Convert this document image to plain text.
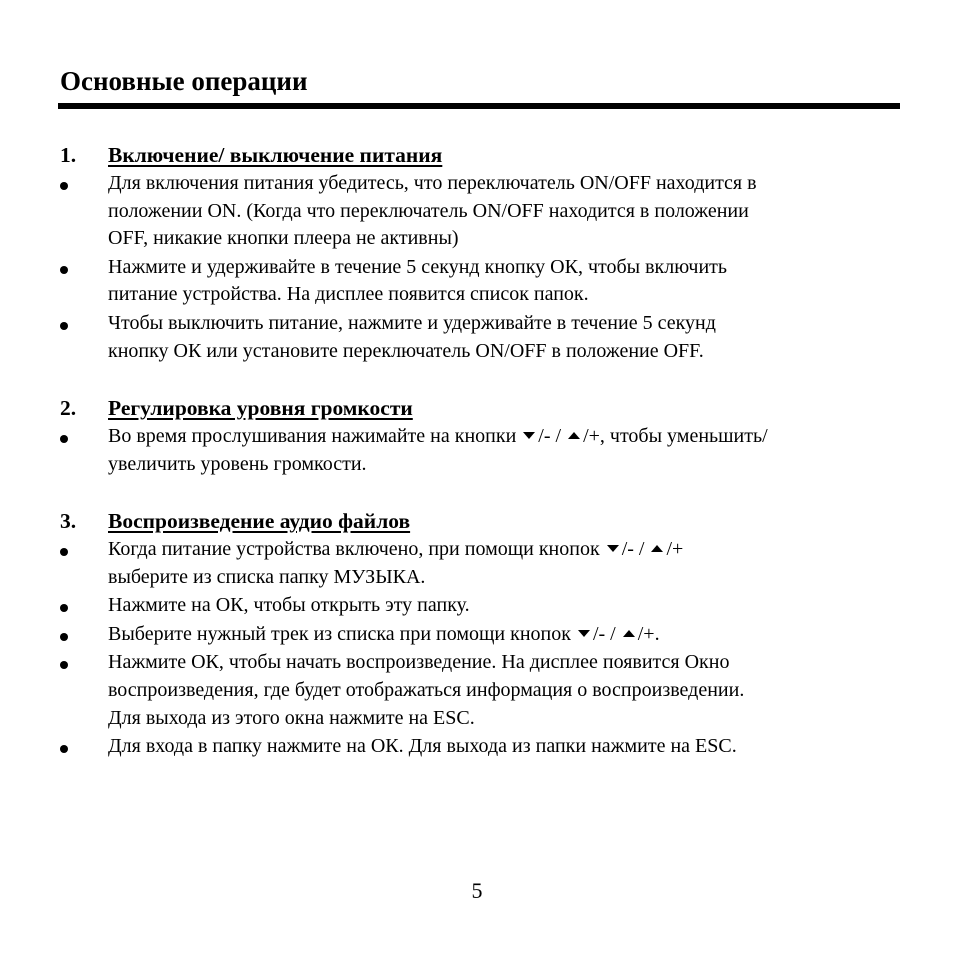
Основные операции
1. Включение/ выключение питания
Для включения питания убедитесь, что переключатель ON/OFF находится в
положении ON. (Когда что переключатель ON/OFF находится в положении
OFF, никакие кнопки плеера не активны)
Нажмите и удерживайте в течение 5 секунд кнопку ОК, чтобы включить
питание устройства. На дисплее появится список папок.
Чтобы выключить питание, нажмите и удерживайте в течение 5 секунд
кнопку ОК или установите переключатель ON/OFF в положение OFF.
2. Регулировка уровня громкости
Во время прослушивания нажимайте на кнопки /- / /+, чтобы уменьшить/
увеличить уровень громкости.
3. Воспроизведение аудио файлов
Когда питание устройства включено, при помощи кнопок /- / /+
выберите из списка папку МУЗЫКА.
Нажмите на ОК, чтобы открыть эту папку.
Выберите нужный трек из списка при помощи кнопок /- / /+.
Нажмите ОК, чтобы начать воспроизведение. На дисплее появится Окно
воспроизведения, где будет отображаться информация о воспроизведении.
Для выхода из этого окна нажмите на ESC.
Для входа в папку нажмите на ОК. Для выхода из папки нажмите на ESC.
5
